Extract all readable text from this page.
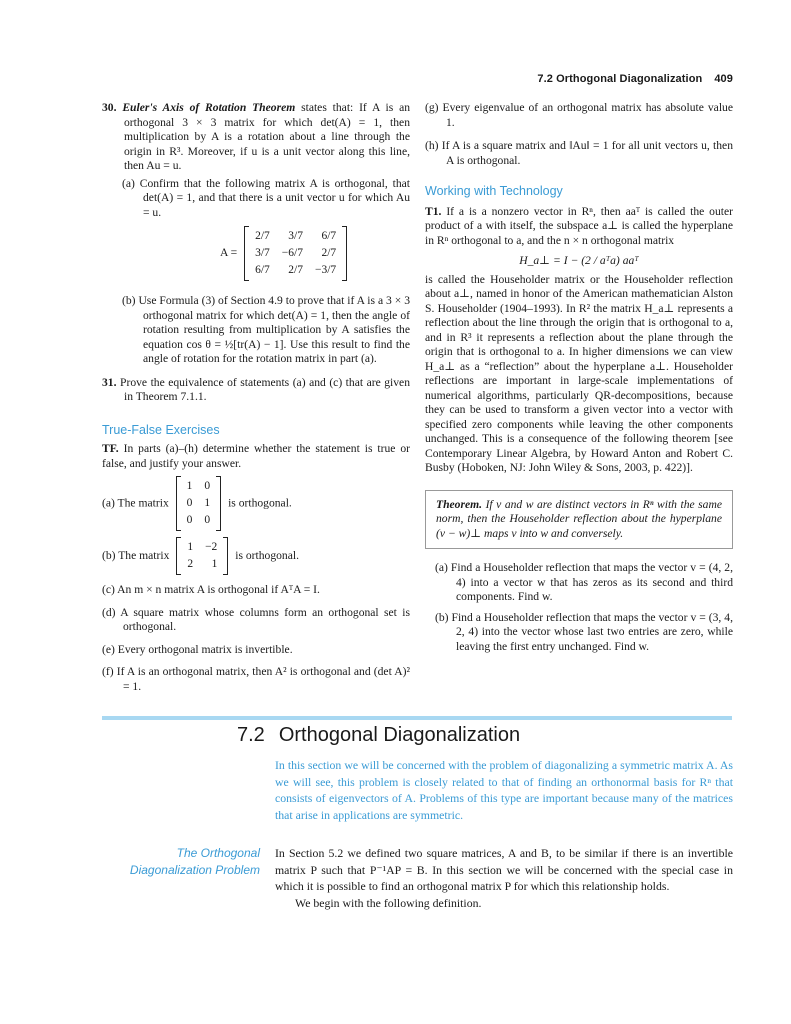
7.2 Orthogonal Diagonalization 409

30. Euler's Axis of Rotation Theorem states that: If A is an orthogonal 3 × 3 matrix for which det(A) = 1, then multiplication by A is a rotation about a line through the origin in R³. Moreover, if u is a unit vector along this line, then Au = u.

(a) Confirm that the following matrix A is orthogonal, that det(A) = 1, and that there is a unit vector u for which Au = u.

A =
2/7	3/7	6/7
3/7	−6/7	2/7
6/7	2/7	−3/7

(b) Use Formula (3) of Section 4.9 to prove that if A is a 3 × 3 orthogonal matrix for which det(A) = 1, then the angle of rotation resulting from multiplication by A satisfies the equation cos θ = ½[tr(A) − 1]. Use this result to find the angle of rotation for the rotation matrix in part (a).

31. Prove the equivalence of statements (a) and (c) that are given in Theorem 7.1.1.

True-False Exercises

TF. In parts (a)–(h) determine whether the statement is true or false, and justify your answer.

(a) The matrix
1	0
0	1
0	0
is orthogonal.
(b) The matrix
1	−2
2	1
is orthogonal.

(c) An m × n matrix A is orthogonal if AᵀA = I.

(d) A square matrix whose columns form an orthogonal set is orthogonal.

(e) Every orthogonal matrix is invertible.

(f) If A is an orthogonal matrix, then A² is orthogonal and (det A)² = 1.

(g) Every eigenvalue of an orthogonal matrix has absolute value 1.

(h) If A is a square matrix and ‖Au‖ = 1 for all unit vectors u, then A is orthogonal.

Working with Technology

T1. If a is a nonzero vector in Rⁿ, then aaᵀ is called the outer product of a with itself, the subspace a⊥ is called the hyperplane in Rⁿ orthogonal to a, and the n × n orthogonal matrix

H_a⊥ = I − (2 / aᵀa) aaᵀ

is called the Householder matrix or the Householder reflection about a⊥, named in honor of the American mathematician Alston S. Householder (1904–1993). In R² the matrix H_a⊥ represents a reflection about the line through the origin that is orthogonal to a, and in R³ it represents a reflection about the plane through the origin that is orthogonal to a. In higher dimensions we can view H_a⊥ as a “reflection” about the hyperplane a⊥. Householder reflections are important in large-scale implementations of numerical algorithms, particularly QR-decompositions, because they can be used to transform a given vector into a vector with specified zero components while leaving the other components unchanged. This is a consequence of the following theorem [see Contemporary Linear Algebra, by Howard Anton and Robert C. Busby (Hoboken, NJ: John Wiley & Sons, 2003, p. 422)].

Theorem. If v and w are distinct vectors in Rⁿ with the same norm, then the Householder reflection about the hyperplane (v − w)⊥ maps v into w and conversely.

(a) Find a Householder reflection that maps the vector v = (4, 2, 4) into a vector w that has zeros as its second and third components. Find w.

(b) Find a Householder reflection that maps the vector v = (3, 4, 2, 4) into the vector whose last two entries are zero, while leaving the first entry unchanged. Find w.

7.2 Orthogonal Diagonalization

In this section we will be concerned with the problem of diagonalizing a symmetric matrix A. As we will see, this problem is closely related to that of finding an orthonormal basis for Rⁿ that consists of eigenvectors of A. Problems of this type are important because many of the matrices that arise in applications are symmetric.

The Orthogonal Diagonalization Problem

In Section 5.2 we defined two square matrices, A and B, to be similar if there is an invertible matrix P such that P⁻¹AP = B. In this section we will be concerned with the special case in which it is possible to find an orthogonal matrix P for which this relationship holds.

We begin with the following definition.
